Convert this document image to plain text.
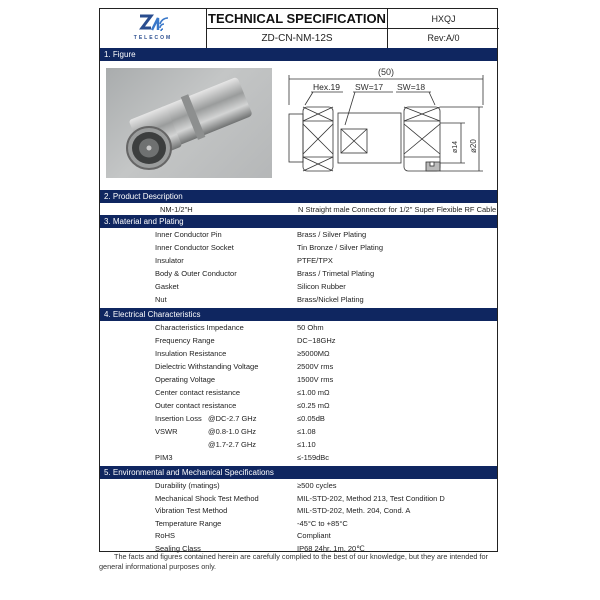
TELECOM
TECHNICAL SPECIFICATION	HXQJ
ZD-CN-NM-12S	Rev:A/0
1. Figure
(50)
Hex.19 SW=17 SW=18
ø14 ø20
2. Product Description
NM-1/2"H	N Straight male Connector for 1/2" Super Flexible RF Cable
3. Material and Plating
Inner Conductor Pin	Brass / Silver Plating
Inner Conductor Socket	Tin Bronze / Silver Plating
Insulator	PTFE/TPX
Body & Outer Conductor	Brass / Trimetal Plating
Gasket	Silicon Rubber
Nut	Brass/Nickel Plating
4. Electrical Characteristics
Characteristics Impedance	50 Ohm
Frequency Range	DC~18GHz
Insulation Resistance	≥5000MΩ
Dielectric Withstanding Voltage	2500V rms
Operating Voltage	1500V rms
Center contact resistance	≤1.00 mΩ
Outer contact resistance	≤0.25 mΩ
Insertion Loss @DC-2.7 GHz	≤0.05dB
VSWR	@0.8-1.0 GHz	≤1.08
@1.7-2.7 GHz	≤1.10
PIM3	≤-159dBc
5. Environmental and Mechanical Specifications
Durability (matings)	≥500 cycles
Mechanical Shock Test Method	MIL-STD-202, Method 213, Test Condition D
Vibration Test Method	MIL-STD-202, Meth. 204, Cond. A
Temperature Range	-45°C to +85°C
RoHS	Compliant
Sealing Class	IP68 24hr, 1m, 20℃
The facts and figures contained herein are carefully complied to the best of our knowledge, but they are intended for
general informational purposes only.
